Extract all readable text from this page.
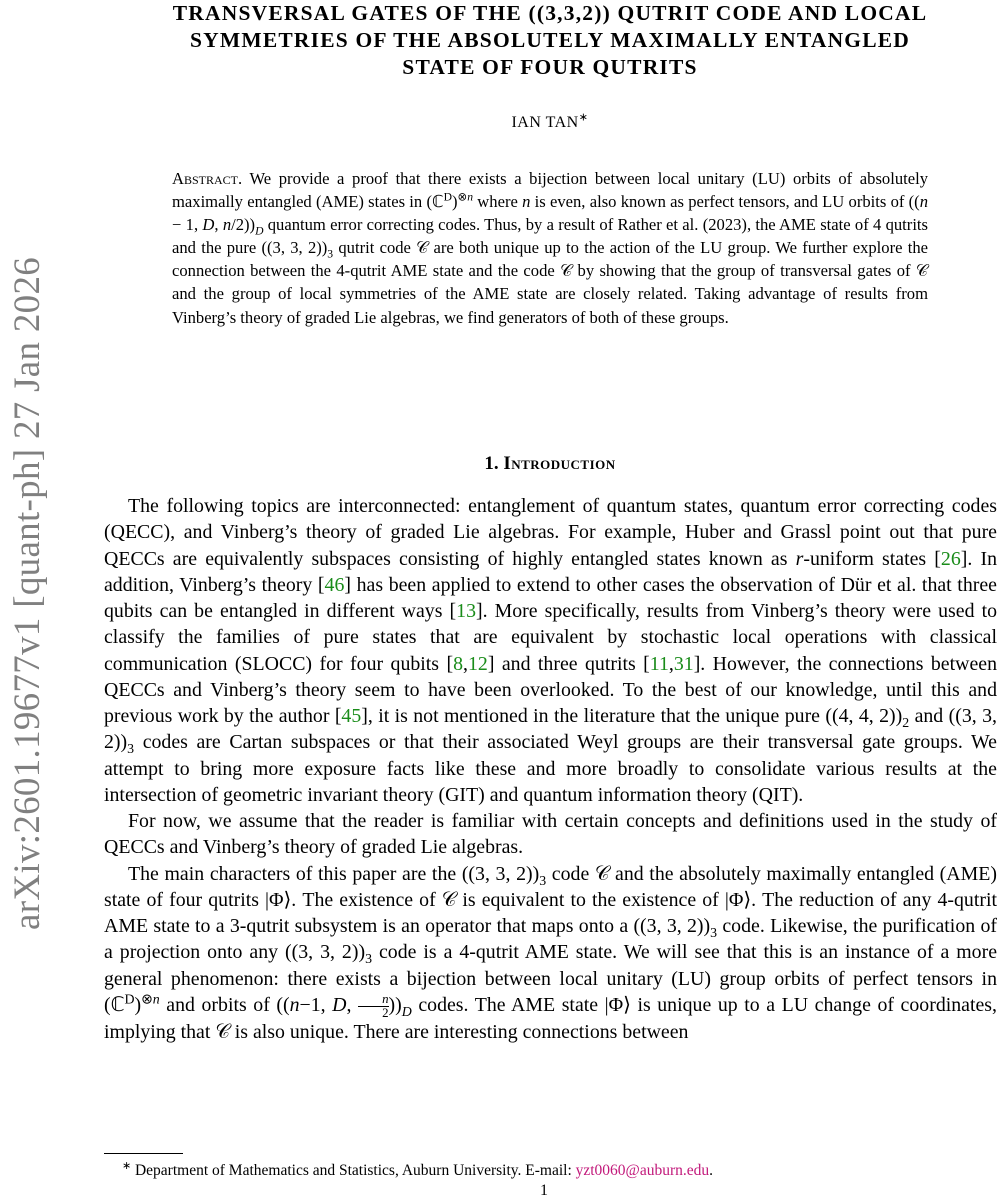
arXiv:2601.19677v1 [quant-ph] 27 Jan 2026
TRANSVERSAL GATES OF THE ((3,3,2)) QUTRIT CODE AND LOCAL
SYMMETRIES OF THE ABSOLUTELY MAXIMALLY ENTANGLED
STATE OF FOUR QUTRITS
IAN TAN∗

Abstract. We provide a proof that there exists a bijection between local unitary (LU) orbits of absolutely maximally entangled (AME) states in (ℂ$^D$)$^{\otimes n}$ where n is even, also known as perfect tensors, and LU orbits of ((n − 1, D, $n/2))_D$ quantum error correcting codes. Thus, by a result of Rather et al. (2023), the AME state of 4 qutrits and the pure ((3, 3, $2))_3$ qutrit code 𝒞 are both unique up to the action of the LU group. We further explore the connection between the 4-qutrit AME state and the code 𝒞 by showing that the group of transversal gates of 𝒞 and the group of local symmetries of the AME state are closely related. Taking advantage of results from Vinberg’s theory of graded Lie algebras, we find generators of both of these groups.

1. Introduction

The following topics are interconnected: entanglement of quantum states, quantum error correcting codes (QECC), and Vinberg’s theory of graded Lie algebras. For example, Huber and Grassl point out that pure QECCs are equivalently subspaces consisting of highly entangled states known as r-uniform states [26]. In addition, Vinberg’s theory [46] has been applied to extend to other cases the observation of Dür et al. that three qubits can be entangled in different ways [13]. More specifically, results from Vinberg’s theory were used to classify the families of pure states that are equivalent by stochastic local operations with classical communication (SLOCC) for four qubits [8,12] and three qutrits [11,31]. However, the connections between QECCs and Vinberg’s theory seem to have been overlooked. To the best of our knowledge, until this and previous work by the author [45], it is not mentioned in the literature that the unique pure ((4, 4, $2))_2$ and ((3, 3, $2))_3$ codes are Cartan subspaces or that their associated Weyl groups are their transversal gate groups. We attempt to bring more exposure facts like these and more broadly to consolidate various results at the intersection of geometric invariant theory (GIT) and quantum information theory (QIT).

For now, we assume that the reader is familiar with certain concepts and definitions used in the study of QECCs and Vinberg’s theory of graded Lie algebras.

The main characters of this paper are the ((3, 3, $2))_3$ code 𝒞 and the absolutely maximally entangled (AME) state of four qutrits |Φ⟩. The existence of 𝒞 is equivalent to the existence of |Φ⟩. The reduction of any 4-qutrit AME state to a 3-qutrit subsystem is an operator that maps onto a ((3, 3, $2))_3$ code. Likewise, the purification of a projection onto any ((3, 3, $2))_3$ code is a 4-qutrit AME state. We will see that this is an instance of a more general phenomenon: there exists a bijection between local unitary (LU) group orbits of perfect tensors in (ℂ$^D$)$^{\otimes n}$ and orbits of ((n−1, D, $\frac{n}{2} ))_D$ codes. The AME state |Φ⟩ is unique up to a LU change of coordinates, implying that 𝒞 is also unique. There are interesting connections between

∗ Department of Mathematics and Statistics, Auburn University. E-mail: yzt0060@auburn.edu.
1
